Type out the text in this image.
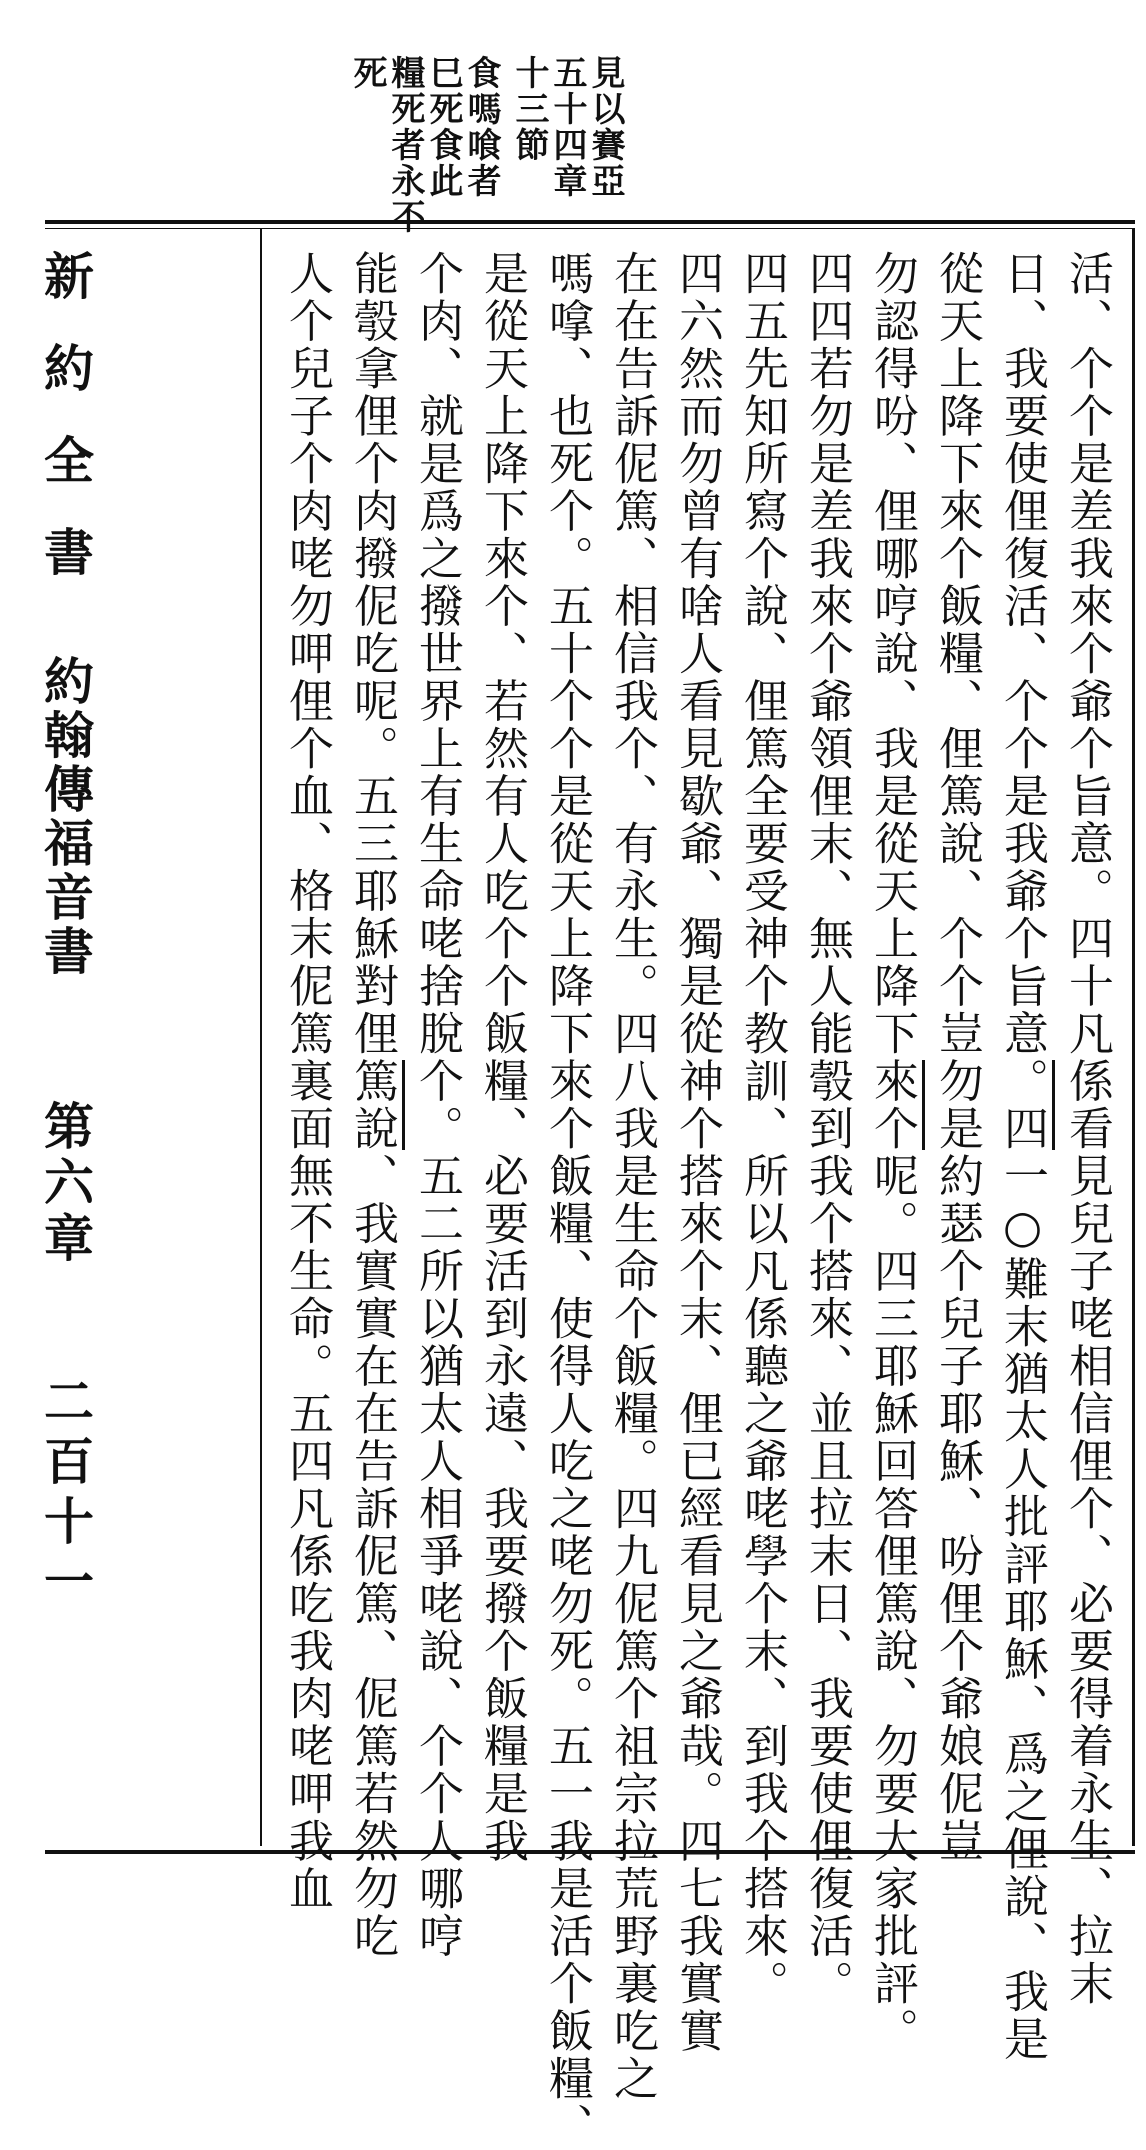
死
糧死者永不
巳死食此
食嗎喰者 十三節
五十四章
見以賽亞
新約全書
約翰傳福音書
第六章
二百十一	活、个个是差我來个爺个旨意。四十凡係看見兒子咾相信俚个、必要得着永生、拉末
日、我要使俚復活、个个是我爺个旨意。四一○難末猶太人批評耶穌、爲之俚說、我是
從天上降下來个飯糧、俚篤說、个个豈勿是約瑟个兒子耶穌、吩俚个爺娘伲豈
勿認得吩、俚哪哼說、我是從天上降下來个呢。四三耶穌回答俚篤說、勿要大家批評。
四四若勿是差我來个爺領俚末、無人能彀到我个搭來、並且拉末日、我要使俚復活。
四五先知所寫个說、俚篤全要受神个教訓、所以凡係聽之爺咾學个末、到我个搭來。
四六然而勿曾有啥人看見歇爺、獨是從神个搭來个末、俚已經看見之爺哉。四七我實實
在在告訴伲篤、相信我个、有永生。四八我是生命个飯糧。四九伲篤个祖宗拉荒野裏吃之
嗎嗱、也死个。五十个个是從天上降下來个飯糧、使得人吃之咾勿死。五一我是活个飯糧、
是從天上降下來个、若然有人吃个个飯糧、必要活到永遠、我要撥个飯糧是我
个肉、就是爲之撥世界上有生命咾捨脫个。五二所以猶太人相爭咾說、个个人哪哼
能彀拿俚个肉撥伲吃呢。五三耶穌對俚篤說、我實實在在告訴伲篤、伲篤若然勿吃
人个兒子个肉咾勿呷俚个血、格末伲篤裏面無不生命。五四凡係吃我肉咾呷我血
